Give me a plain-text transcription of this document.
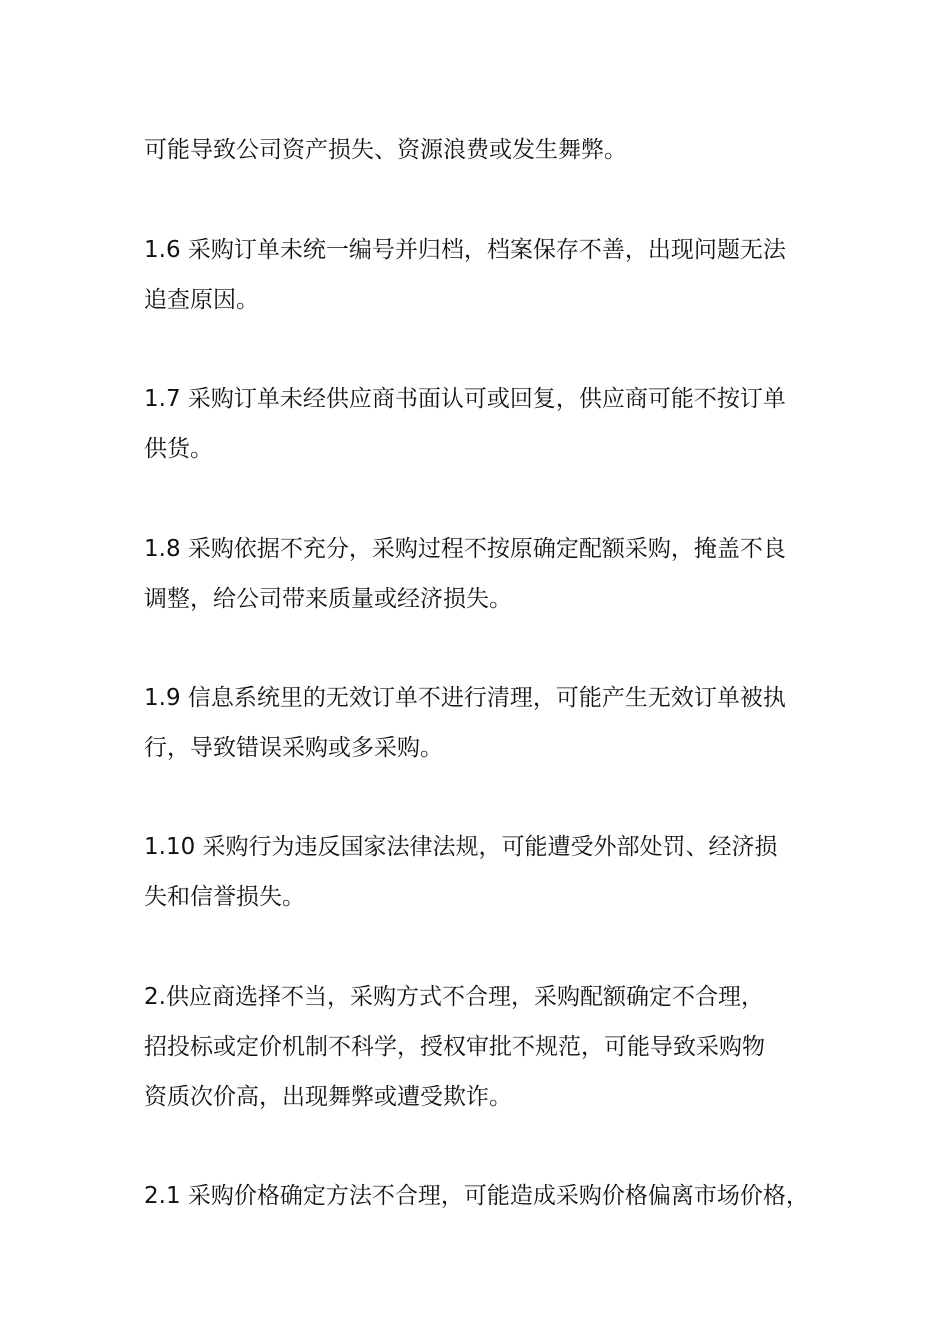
可能导致公司资产损失、资源浪费或发生舞弊。
1.6 采购订单未统一编号并归档，档案保存不善，出现问题无法
追查原因。
1.7 采购订单未经供应商书面认可或回复，供应商可能不按订单
供货。
1.8 采购依据不充分，采购过程不按原确定配额采购，掩盖不良
调整，给公司带来质量或经济损失。
1.9 信息系统里的无效订单不进行清理，可能产生无效订单被执
行，导致错误采购或多采购。
1.10 采购行为违反国家法律法规，可能遭受外部处罚、经济损
失和信誉损失。
2.供应商选择不当，采购方式不合理，采购配额确定不合理，
招投标或定价机制不科学，授权审批不规范，可能导致采购物
资质次价高，出现舞弊或遭受欺诈。
2.1 采购价格确定方法不合理，可能造成采购价格偏离市场价格，
